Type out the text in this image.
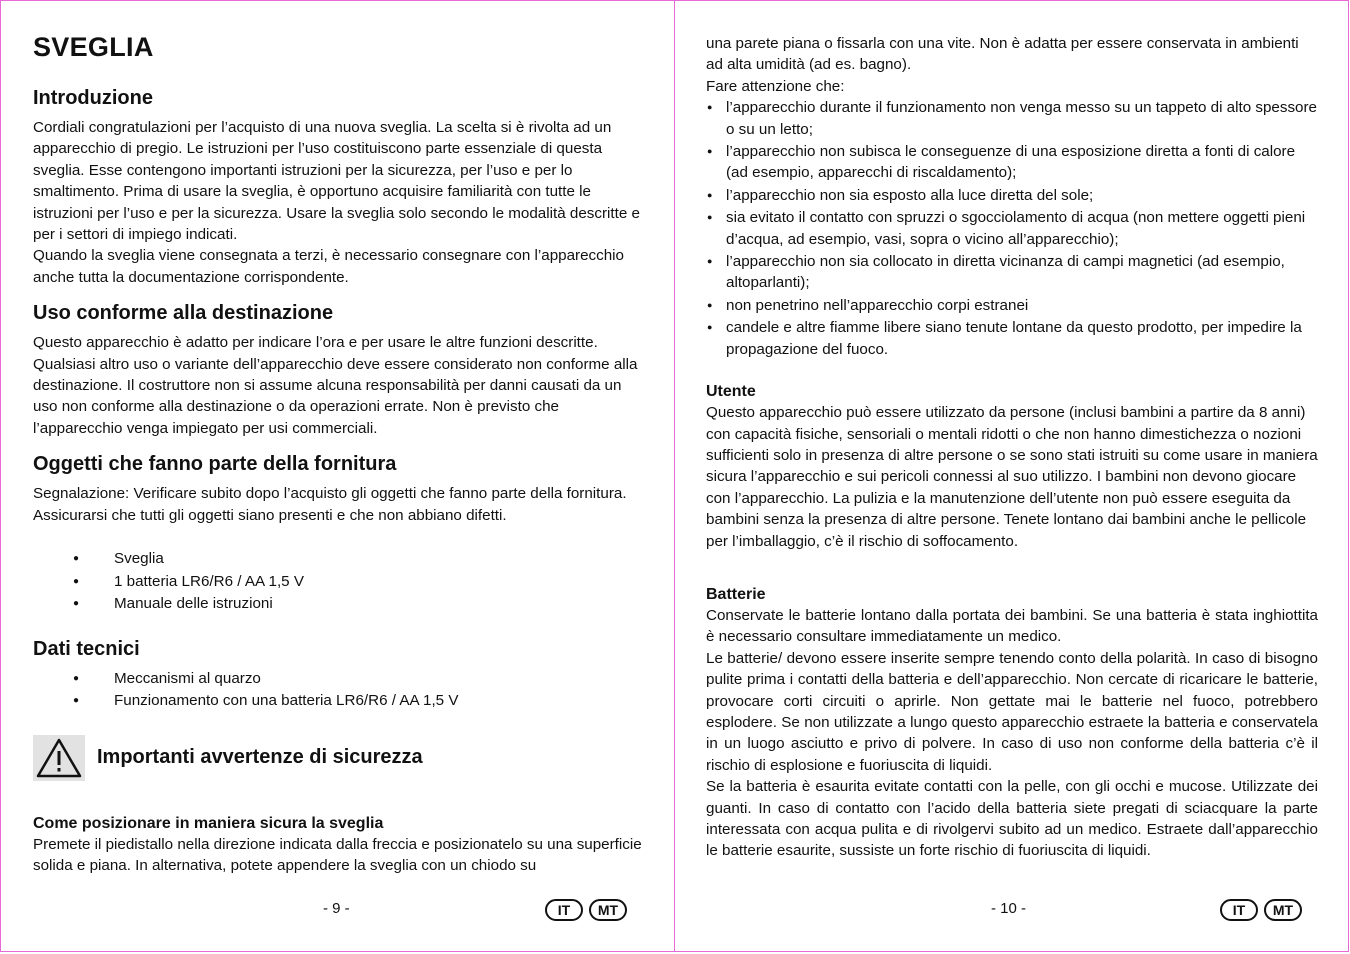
SVEGLIA
Introduzione

Cordiali congratulazioni per l’acquisto di una nuova sveglia. La scelta si è rivolta ad un apparecchio di pregio. Le istruzioni per l’uso costituiscono parte essenziale di questa sveglia. Esse contengono importanti istruzioni per la sicurezza, per l’uso e per lo smaltimento. Prima di usare la sveglia, è opportuno acquisire familiarità con tutte le istruzioni per l’uso e per la sicurezza. Usare la sveglia solo secondo le modalità descritte e per i settori di impiego indicati.

Quando la sveglia viene consegnata a terzi, è necessario consegnare con l’apparecchio anche tutta la documentazione corrispondente.

Uso conforme alla destinazione

Questo apparecchio è adatto per indicare l’ora e per usare le altre funzioni descritte. Qualsiasi altro uso o variante dell’apparecchio deve essere considerato non conforme alla destinazione. Il costruttore non si assume alcuna responsabilità per danni causati da un uso non conforme alla destinazione o da operazioni errate. Non è previsto che l’apparecchio venga impiegato per usi commerciali.

Oggetti che fanno parte della fornitura

Segnalazione: Verificare subito dopo l’acquisto gli oggetti che fanno parte della fornitura. Assicurarsi che tutti gli oggetti siano presenti e che non abbiano difetti.

● Sveglia
● 1 batteria LR6/R6 / AA 1,5 V
● Manuale delle istruzioni
Dati tecnici
● Meccanismi al quarzo
● Funzionamento con una batteria LR6/R6 / AA 1,5 V
Importanti avvertenze di sicurezza
Come posizionare in maniera sicura la sveglia

Premete il piedistallo nella direzione indicata dalla freccia e posizionatelo su una superficie solida e piana. In alternativa, potete appendere la sveglia con un chiodo su

- 9 -	IT	MT

una parete piana o fissarla con una vite. Non è adatta per essere conservata in ambienti ad alta umidità (ad es. bagno).

Fare attenzione che:

● l’apparecchio durante il funzionamento non venga messo su un tappeto di alto spessore o su un letto;
● l’apparecchio non subisca le conseguenze di una esposizione diretta a fonti di calore (ad esempio, apparecchi di riscaldamento);
● l’apparecchio non sia esposto alla luce diretta del sole;
● sia evitato il contatto con spruzzi o sgocciolamento di acqua (non mettere oggetti pieni d’acqua, ad esempio, vasi, sopra o vicino all’apparecchio);
● l’apparecchio non sia collocato in diretta vicinanza di campi magnetici (ad esempio, altoparlanti);
● non penetrino nell’apparecchio corpi estranei
● candele e altre fiamme libere siano tenute lontane da questo prodotto, per impedire la propagazione del fuoco.
Utente

Questo apparecchio può essere utilizzato da persone (inclusi bambini a partire da 8 anni) con capacità fisiche, sensoriali o mentali ridotti o che non hanno dimestichezza o nozioni sufficienti solo in presenza di altre persone o se sono stati istruiti su come usare in maniera sicura l’apparecchio e sui pericoli connessi al suo utilizzo. I bambini non devono giocare con l’apparecchio. La pulizia e la manutenzione dell’utente non può essere eseguita da bambini senza la presenza di altre persone. Tenete lontano dai bambini anche le pellicole per l’imballaggio, c’è il rischio di soffocamento.

Batterie

Conservate le batterie lontano dalla portata dei bambini. Se una batteria è stata inghiottita è necessario consultare immediatamente un medico.

Le batterie/ devono essere inserite sempre tenendo conto della polarità. In caso di bisogno pulite prima i contatti della batteria e dell’apparecchio. Non cercate di ricaricare le batterie, provocare corti circuiti o aprirle. Non gettate mai le batterie nel fuoco, potrebbero esplodere. Se non utilizzate a lungo questo apparecchio estraete la batteria e conservatela in un luogo asciutto e privo di polvere. In caso di uso non conforme della batteria c’è il rischio di esplosione e fuoriuscita di liquidi.

Se la batteria è esaurita evitate contatti con la pelle, con gli occhi e mucose. Utilizzate dei guanti. In caso di contatto con l’acido della batteria siete pregati di sciacquare la parte interessata con acqua pulita e di rivolgervi subito ad un medico. Estraete dall’apparecchio le batterie esaurite, sussiste un forte rischio di fuoriuscita di liquidi.

- 10 -	IT	MT
